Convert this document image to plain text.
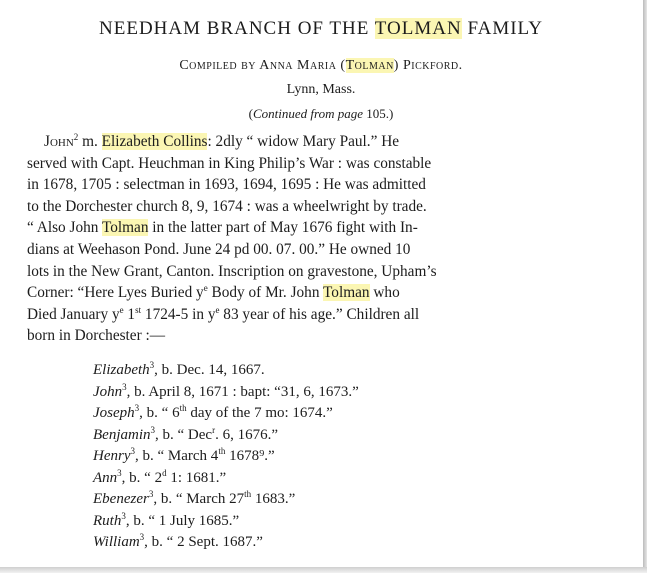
NEEDHAM BRANCH OF THE TOLMAN FAMILY
Compiled by Anna Maria (Tolman) Pickford.
Lynn, Mass.
(Continued from page 105.)
John$^2$ m. Elizabeth Collins: 2dly “ widow Mary Paul.” He
served with Capt. Heuchman in King Philip’s War : was constable
in 1678, 1705 : selectman in 1693, 1694, 1695 : He was admitted
to the Dorchester church 8, 9, 1674 : was a wheelwright by trade.
“ Also John Tolman in the latter part of May 1676 fight with In-
dians at Weehason Pond. June 24 pd 00. 07. 00.” He owned 10
lots in the New Grant, Canton. Inscription on gravestone, Upham’s
Corner: “Here Lyes Buried $y^e$ Body of Mr. John Tolman who
Died January $y^e$ 1st 1724-5 in $y^e$ 83 year of his age.” Children all
born in Dorchester :—
Elizabeth$^3$, b. Dec. 14, 1667.
John$^3$, b. April 8, 1671 : bapt: “31, 6, 1673.”
Joseph$^3$, b. “ 6th day of the 7 mo: 1674.”
Benjamin$^3$, b. “ Dec$^r$. 6, 1676.”
Henry$^3$, b. “ March 4th 1678⁹.”
Ann$^3$, b. “ 2$^d$ 1: 1681.”
Ebenezer$^3$, b. “ March 27th 1683.”
Ruth$^3$, b. “ 1 July 1685.”
William$^3$, b. “ 2 Sept. 1687.”
